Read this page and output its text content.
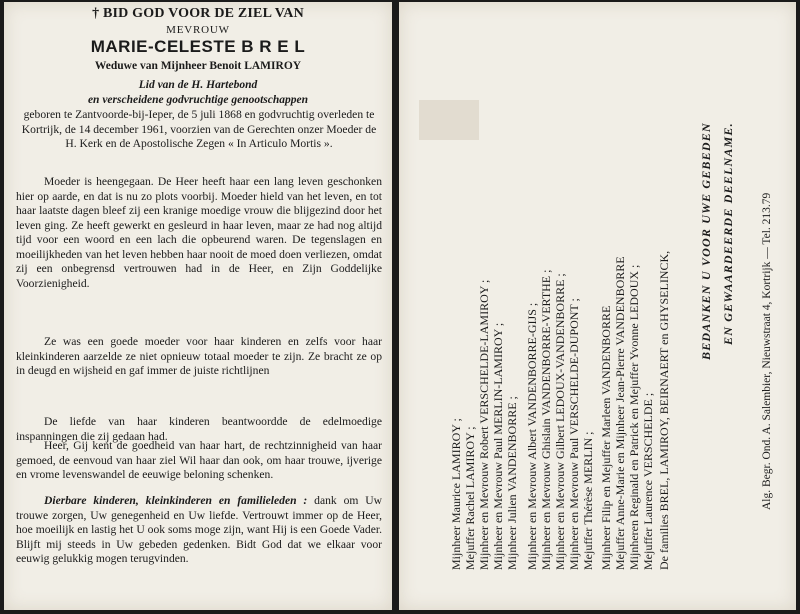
† BID GOD VOOR DE ZIEL VAN
MEVROUW
MARIE-CELESTE B R E L
Weduwe van Mijnheer Benoit LAMIROY
Lid van de H. Hartebond
en verscheidene godvruchtige genootschappen

geboren te Zantvoorde-bij-Ieper, de 5 juli 1868 en godvruchtig overleden te Kortrijk, de 14 december 1961, voorzien van de Gerechten onzer Moeder de H. Kerk en de Apostolische Zegen « In Articulo Mortis ».

Moeder is heengegaan. De Heer heeft haar een lang leven geschonken hier op aarde, en dat is nu zo plots voorbij. Moeder hield van het leven, en tot haar laatste dagen bleef zij een kranige moedige vrouw die blijgezind door het leven ging. Ze heeft gewerkt en gesleurd in haar leven, maar ze had nog altijd tijd voor een woord en een lach die opbeurend waren. De tegenslagen en moeilijkheden van het leven hebben haar nooit de moed doen verliezen, omdat zij een onbegrensd vertrouwen had in de Heer, en Zijn Goddelijke Voorzienigheid.

Ze was een goede moeder voor haar kinderen en zelfs voor haar kleinkinderen aarzelde ze niet opnieuw totaal moeder te zijn. Ze bracht ze op in deugd en wijsheid en gaf immer de juiste richtlijnen

De liefde van haar kinderen beantwoordde de edelmoedige inspanningen die zij gedaan had.

Heer, Gij kent de goedheid van haar hart, de rechtzinnigheid van haar gemoed, de eenvoud van haar ziel Wil haar dan ook, om haar trouwe, ijverige en vrome levenswandel de eeuwige beloning schenken.

Dierbare kinderen, kleinkinderen en familieleden : dank om Uw trouwe zorgen, Uw genegenheid en Uw liefde. Vertrouwt immer op de Heer, hoe moeilijk en lastig het U ook soms moge zijn, want Hij is een Goede Vader. Blijft mij steeds in Uw gebeden gedenken. Bidt God dat we elkaar voor eeuwig gelukkig mogen terugvinden.	Mijnheer Maurice LAMIROY ; Mejuffer Rachel LAMIROY ; Mijnheer en Mevrouw Robert VERSCHELDE-LAMIROY ; Mijnheer en Mevrouw Paul MERLIN-LAMIROY ; Mijnheer Julien VANDENBORRE ; Mijnheer en Mevrouw Albert VANDENBORRE-GIJS ; Mijnheer en Mevrouw Ghislain VANDENBORRE-VERTHE ; Mijnheer en Mevrouw Gilbert LEDOUX-VANDENBORRE ; Mijnheer en Mevrouw Paul VERSCHELDE-DUPONT ; Mejuffer Thérèse MERLIN ; Mijnheer Filip en Mejuffer Marleen VANDENBORRE Mejuffer Anne-Marie en Mijnheer Jean-Pierre VANDENBORRE Mijnheren Reginald en Patrick en Mejuffer Yvonne LEDOUX ; Mejuffer Laurence VERSCHELDE ; De families BREL, LAMIROY, BEIRNAERT en GHYSELINCK,
BEDANKEN U VOOR UWE GEBEDEN EN GEWAARDEERDE DEELNAME. Alg. Begr. Ond. A. Salembier, Nieuwstraat 4, Kortrijk — Tel. 213.79
